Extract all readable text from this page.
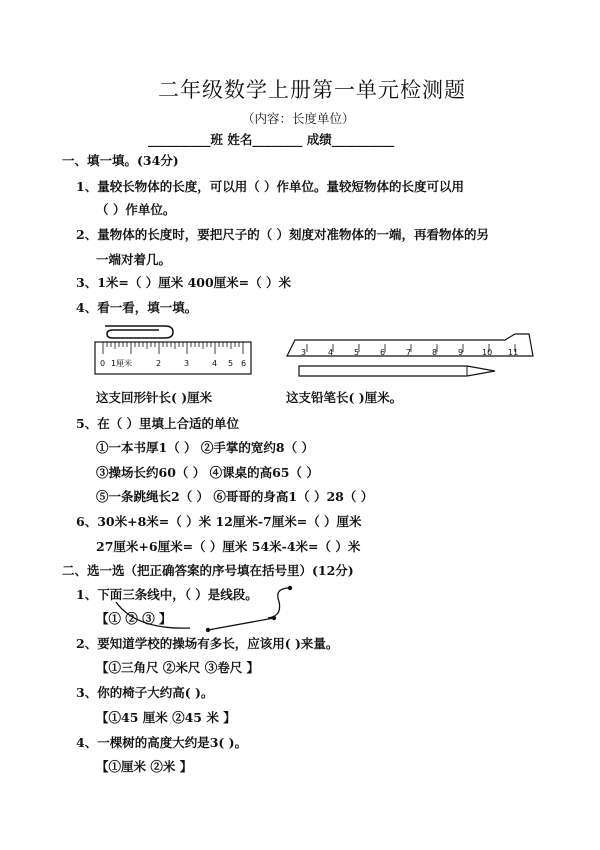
二年级数学上册第一单元检测题
（内容：长度单位）
__________班 姓名________ 成绩__________
一、填一填。(34分)
1、量较长物体的长度，可以用（ ）作单位。量较短物体的长度可以用
（ ）作单位。
2、量物体的长度时，要把尺子的（ ）刻度对准物体的一端，再看物体的另
一端对着几。
3、1米=（ ）厘米 400厘米=（ ）米
4、看一看，填一填。
0 1厘米	2	3	4 5 6
3	4	5	6	7	8	9 10 11
这支回形针长( )厘米	这支铅笔长( )厘米。
5、在（ ）里填上合适的单位
①一本书厚1（ ） ②手掌的宽约8（ ）
③操场长约60（ ） ④课桌的高65（ ）
⑤一条跳绳长2（ ） ⑥哥哥的身高1（ ）28（ ）
6、30米+8米=（ ）米 12厘米-7厘米=（ ）厘米
27厘米+6厘米=（ ）厘米 54米-4米=（ ）米
二、选一选（把正确答案的序号填在括号里）(12分)
1、下面三条线中，（ ）是线段。
【① ② ③ 】
2、要知道学校的操场有多长，应该用( )来量。
【①三角尺 ②米尺 ③卷尺 】
3、你的椅子大约高( )。
【①45 厘米 ②45 米 】
4、一棵树的高度大约是3( )。
【①厘米 ②米 】
